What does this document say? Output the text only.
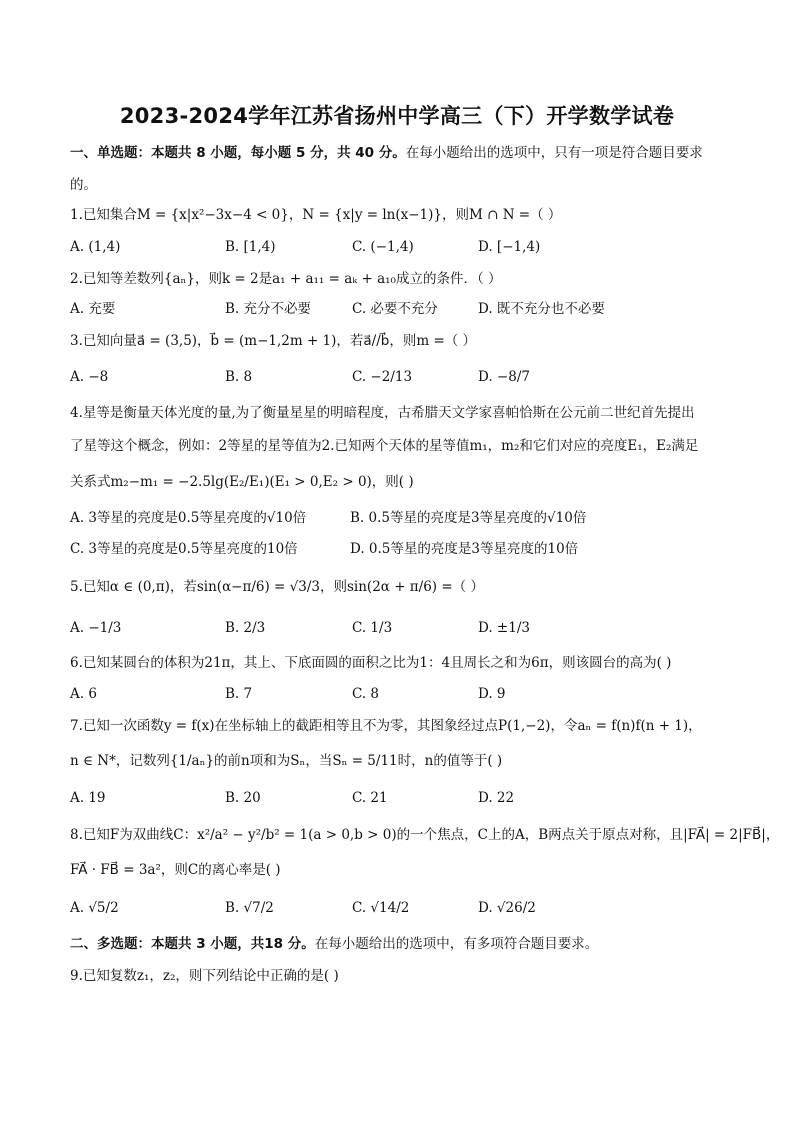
2023-2024学年江苏省扬州中学高三（下）开学数学试卷
一、单选题：本题共 8 小题，每小题 5 分，共 40 分。在每小题给出的选项中，只有一项是符合题目要求
的。
1.已知集合M = {x|x²−3x−4 < 0}，N = {x|y = ln(x−1)}，则M ∩ N =（ ）
A. (1,4)	B. [1,4)	C. (−1,4)	D. [−1,4)
2.已知等差数列{aₙ}，则k = 2是a₁ + a₁₁ = aₖ + a₁₀成立的条件．（ ）
A. 充要	B. 充分不必要	C. 必要不充分	D. 既不充分也不必要
3.已知向量a⃗ = (3,5)，b⃗ = (m−1,2m + 1)，若a⃗//b⃗，则m =（ ）
A. −8	B. 8	C. −2/13	D. −8/7
4.星等是衡量天体光度的量,为了衡量星星的明暗程度，古希腊天文学家喜帕恰斯在公元前二世纪首先提出
了星等这个概念，例如：2等星的星等值为2.已知两个天体的星等值m₁，m₂和它们对应的亮度E₁，E₂满足
关系式m₂−m₁ = −2.5lg(E₂/E₁)(E₁ > 0,E₂ > 0)，则( )
A. 3等星的亮度是0.5等星亮度的√10倍	B. 0.5等星的亮度是3等星亮度的√10倍
C. 3等星的亮度是0.5等星亮度的10倍	D. 0.5等星的亮度是3等星亮度的10倍
5.已知α ∈ (0,π)，若sin(α−π/6) = √3/3，则sin(2α + π/6) =（ ）
A. −1/3	B. 2/3	C. 1/3	D. ±1/3
6.已知某圆台的体积为21π，其上、下底面圆的面积之比为1：4且周长之和为6π，则该圆台的高为( )
A. 6	B. 7	C. 8	D. 9
7.已知一次函数y = f(x)在坐标轴上的截距相等且不为零，其图象经过点P(1,−2)，令aₙ = f(n)f(n + 1)，
n ∈ N*，记数列{1/aₙ}的前n项和为Sₙ，当Sₙ = 5/11时，n的值等于( )
A. 19	B. 20	C. 21	D. 22
8.已知F为双曲线C：x²/a² − y²/b² = 1(a > 0,b > 0)的一个焦点，C上的A，B两点关于原点对称，且|FA⃗| = 2|FB⃗|，
FA⃗ · FB⃗ = 3a²，则C的离心率是( )
A. √5/2	B. √7/2	C. √14/2	D. √26/2
二、多选题：本题共 3 小题，共18 分。在每小题给出的选项中，有多项符合题目要求。
9.已知复数z₁，z₂，则下列结论中正确的是( )
